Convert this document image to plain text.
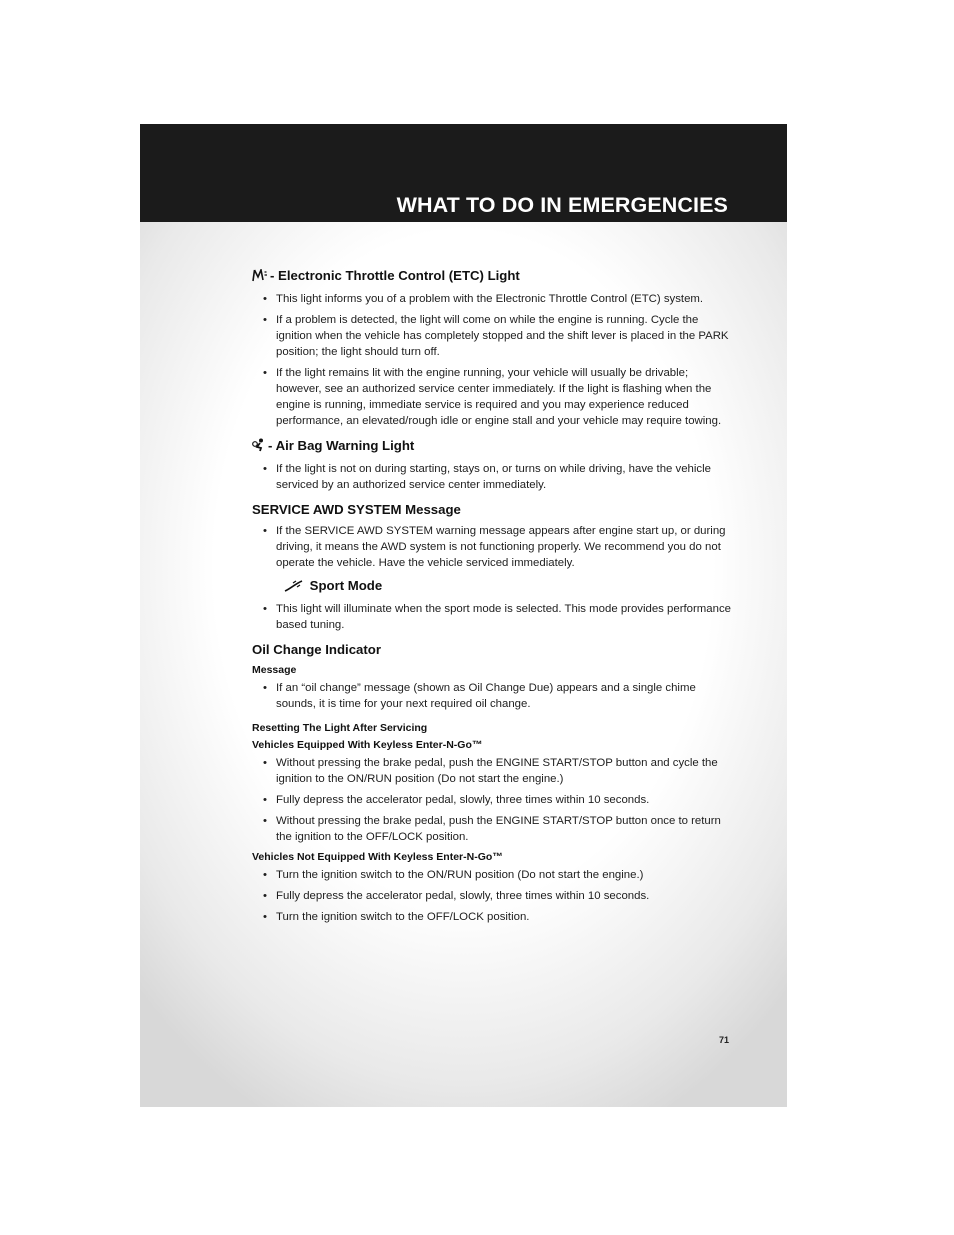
WHAT TO DO IN EMERGENCIES
- Electronic Throttle Control (ETC) Light
• This light informs you of a problem with the Electronic Throttle Control (ETC) system.
• If a problem is detected, the light will come on while the engine is running. Cycle the ignition when the vehicle has completely stopped and the shift lever is placed in the PARK position; the light should turn off.
• If the light remains lit with the engine running, your vehicle will usually be drivable; however, see an authorized service center immediately. If the light is flashing when the engine is running, immediate service is required and you may experience reduced performance, an elevated/rough idle or engine stall and your vehicle may require towing.
- Air Bag Warning Light
• If the light is not on during starting, stays on, or turns on while driving, have the vehicle serviced by an authorized service center immediately.
SERVICE AWD SYSTEM Message
• If the SERVICE AWD SYSTEM warning message appears after engine start up, or during driving, it means the AWD system is not functioning properly. We recommend you do not operate the vehicle. Have the vehicle serviced immediately.
Sport Mode
• This light will illuminate when the sport mode is selected. This mode provides performance based tuning.
Oil Change Indicator
Message
• If an “oil change” message (shown as Oil Change Due) appears and a single chime sounds, it is time for your next required oil change.
Resetting The Light After Servicing
Vehicles Equipped With Keyless Enter-N-Go™
• Without pressing the brake pedal, push the ENGINE START/STOP button and cycle the ignition to the ON/RUN position (Do not start the engine.)
• Fully depress the accelerator pedal, slowly, three times within 10 seconds.
• Without pressing the brake pedal, push the ENGINE START/STOP button once to return the ignition to the OFF/LOCK position.
Vehicles Not Equipped With Keyless Enter-N-Go™
• Turn the ignition switch to the ON/RUN position (Do not start the engine.)
• Fully depress the accelerator pedal, slowly, three times within 10 seconds.
• Turn the ignition switch to the OFF/LOCK position.
71
